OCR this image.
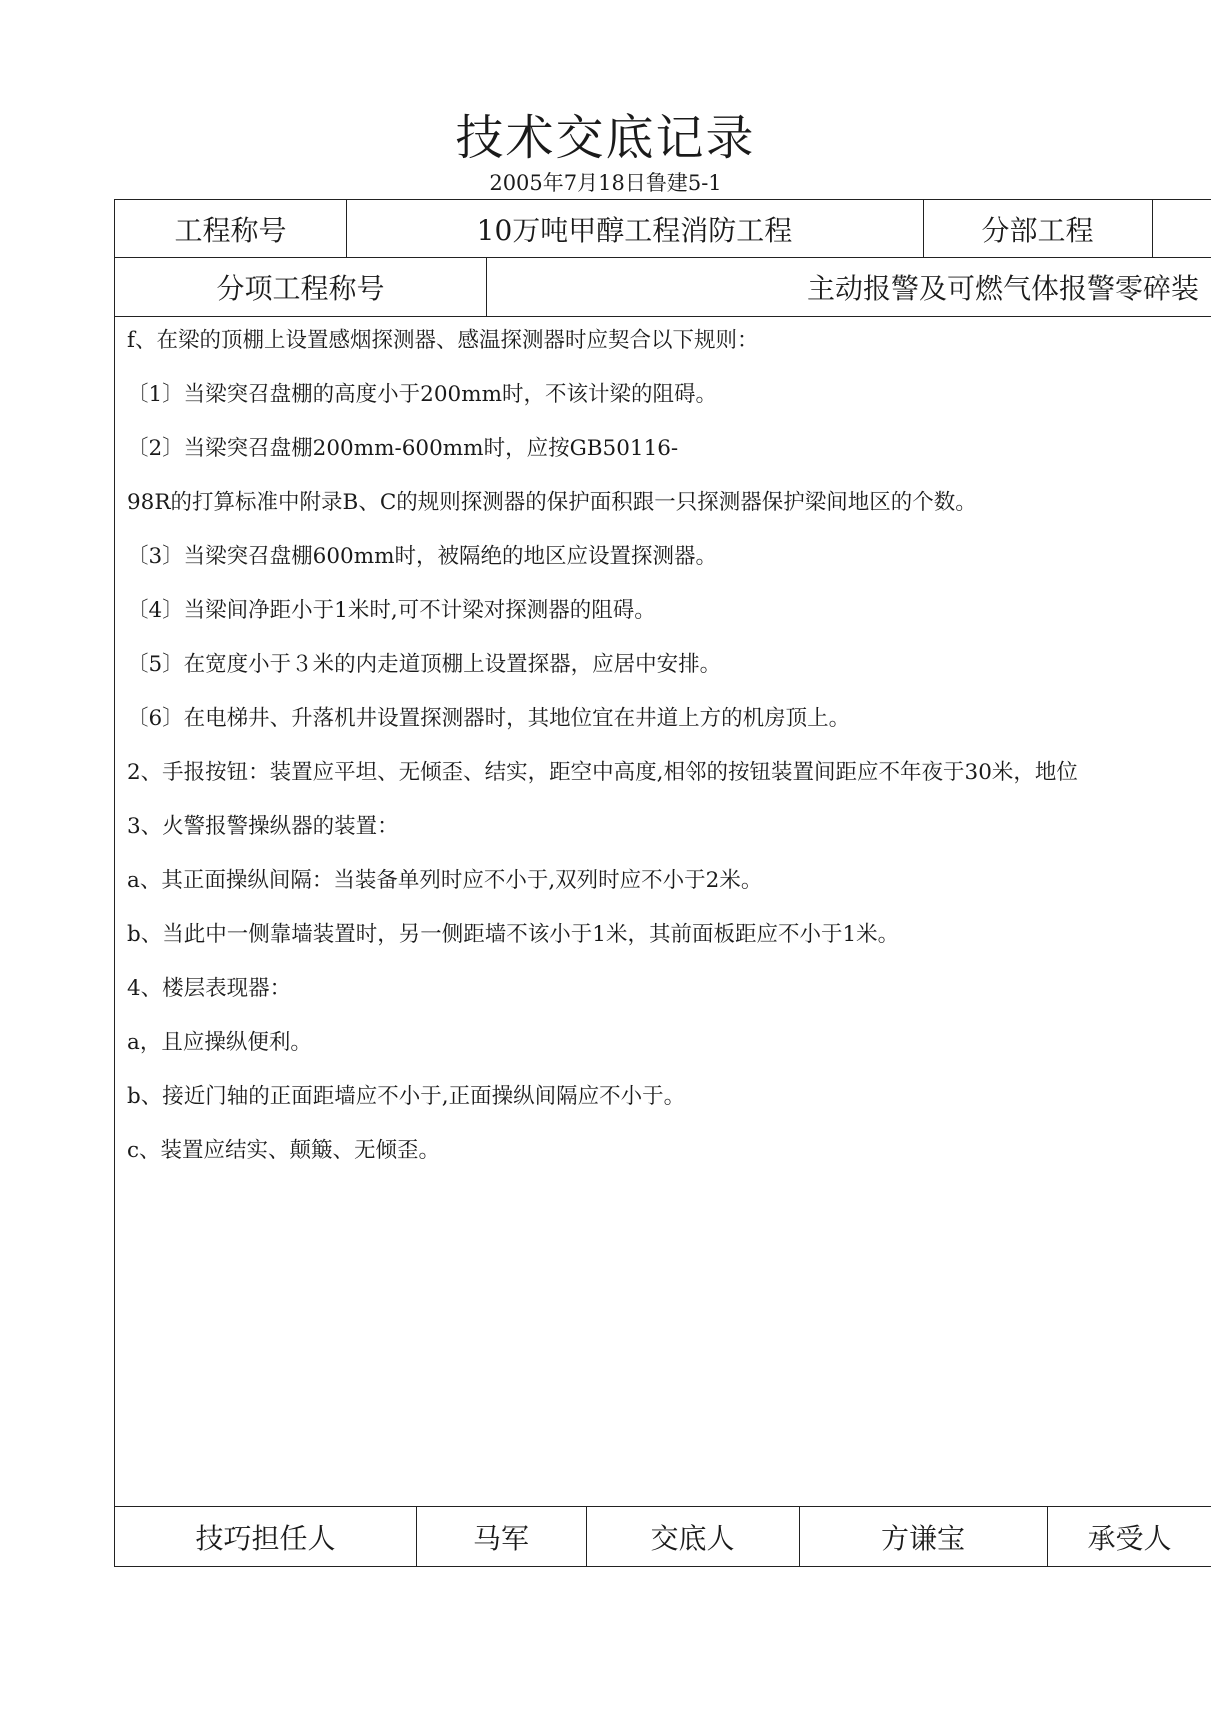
技术交底记录
2005年7月18日鲁建5-1
工程称号	10万吨甲醇工程消防工程	分部工程
分项工程称号	主动报警及可燃气体报警零碎装
f、在梁的顶棚上设置感烟探测器、感温探测器时应契合以下规则：
〔1〕当梁突召盘棚的高度小于200mm时，不该计梁的阻碍。
〔2〕当梁突召盘棚200mm-600mm时，应按GB50116-
98R的打算标准中附录B、C的规则探测器的保护面积跟一只探测器保护梁间地区的个数。
〔3〕当梁突召盘棚600mm时，被隔绝的地区应设置探测器。
〔4〕当梁间净距小于1米时,可不计梁对探测器的阻碍。
〔5〕在宽度小于３米的内走道顶棚上设置探器，应居中安排。
〔6〕在电梯井、升落机井设置探测器时，其地位宜在井道上方的机房顶上。
2、手报按钮：装置应平坦、无倾歪、结实，距空中高度,相邻的按钮装置间距应不年夜于30米，地位
3、火警报警操纵器的装置：
a、其正面操纵间隔：当装备单列时应不小于,双列时应不小于2米。
b、当此中一侧靠墙装置时，另一侧距墙不该小于1米，其前面板距应不小于1米。
4、楼层表现器：
a，且应操纵便利。
b、接近门轴的正面距墙应不小于,正面操纵间隔应不小于。
c、装置应结实、颠簸、无倾歪。
技巧担任人	马军	交底人	方谦宝	承受人
